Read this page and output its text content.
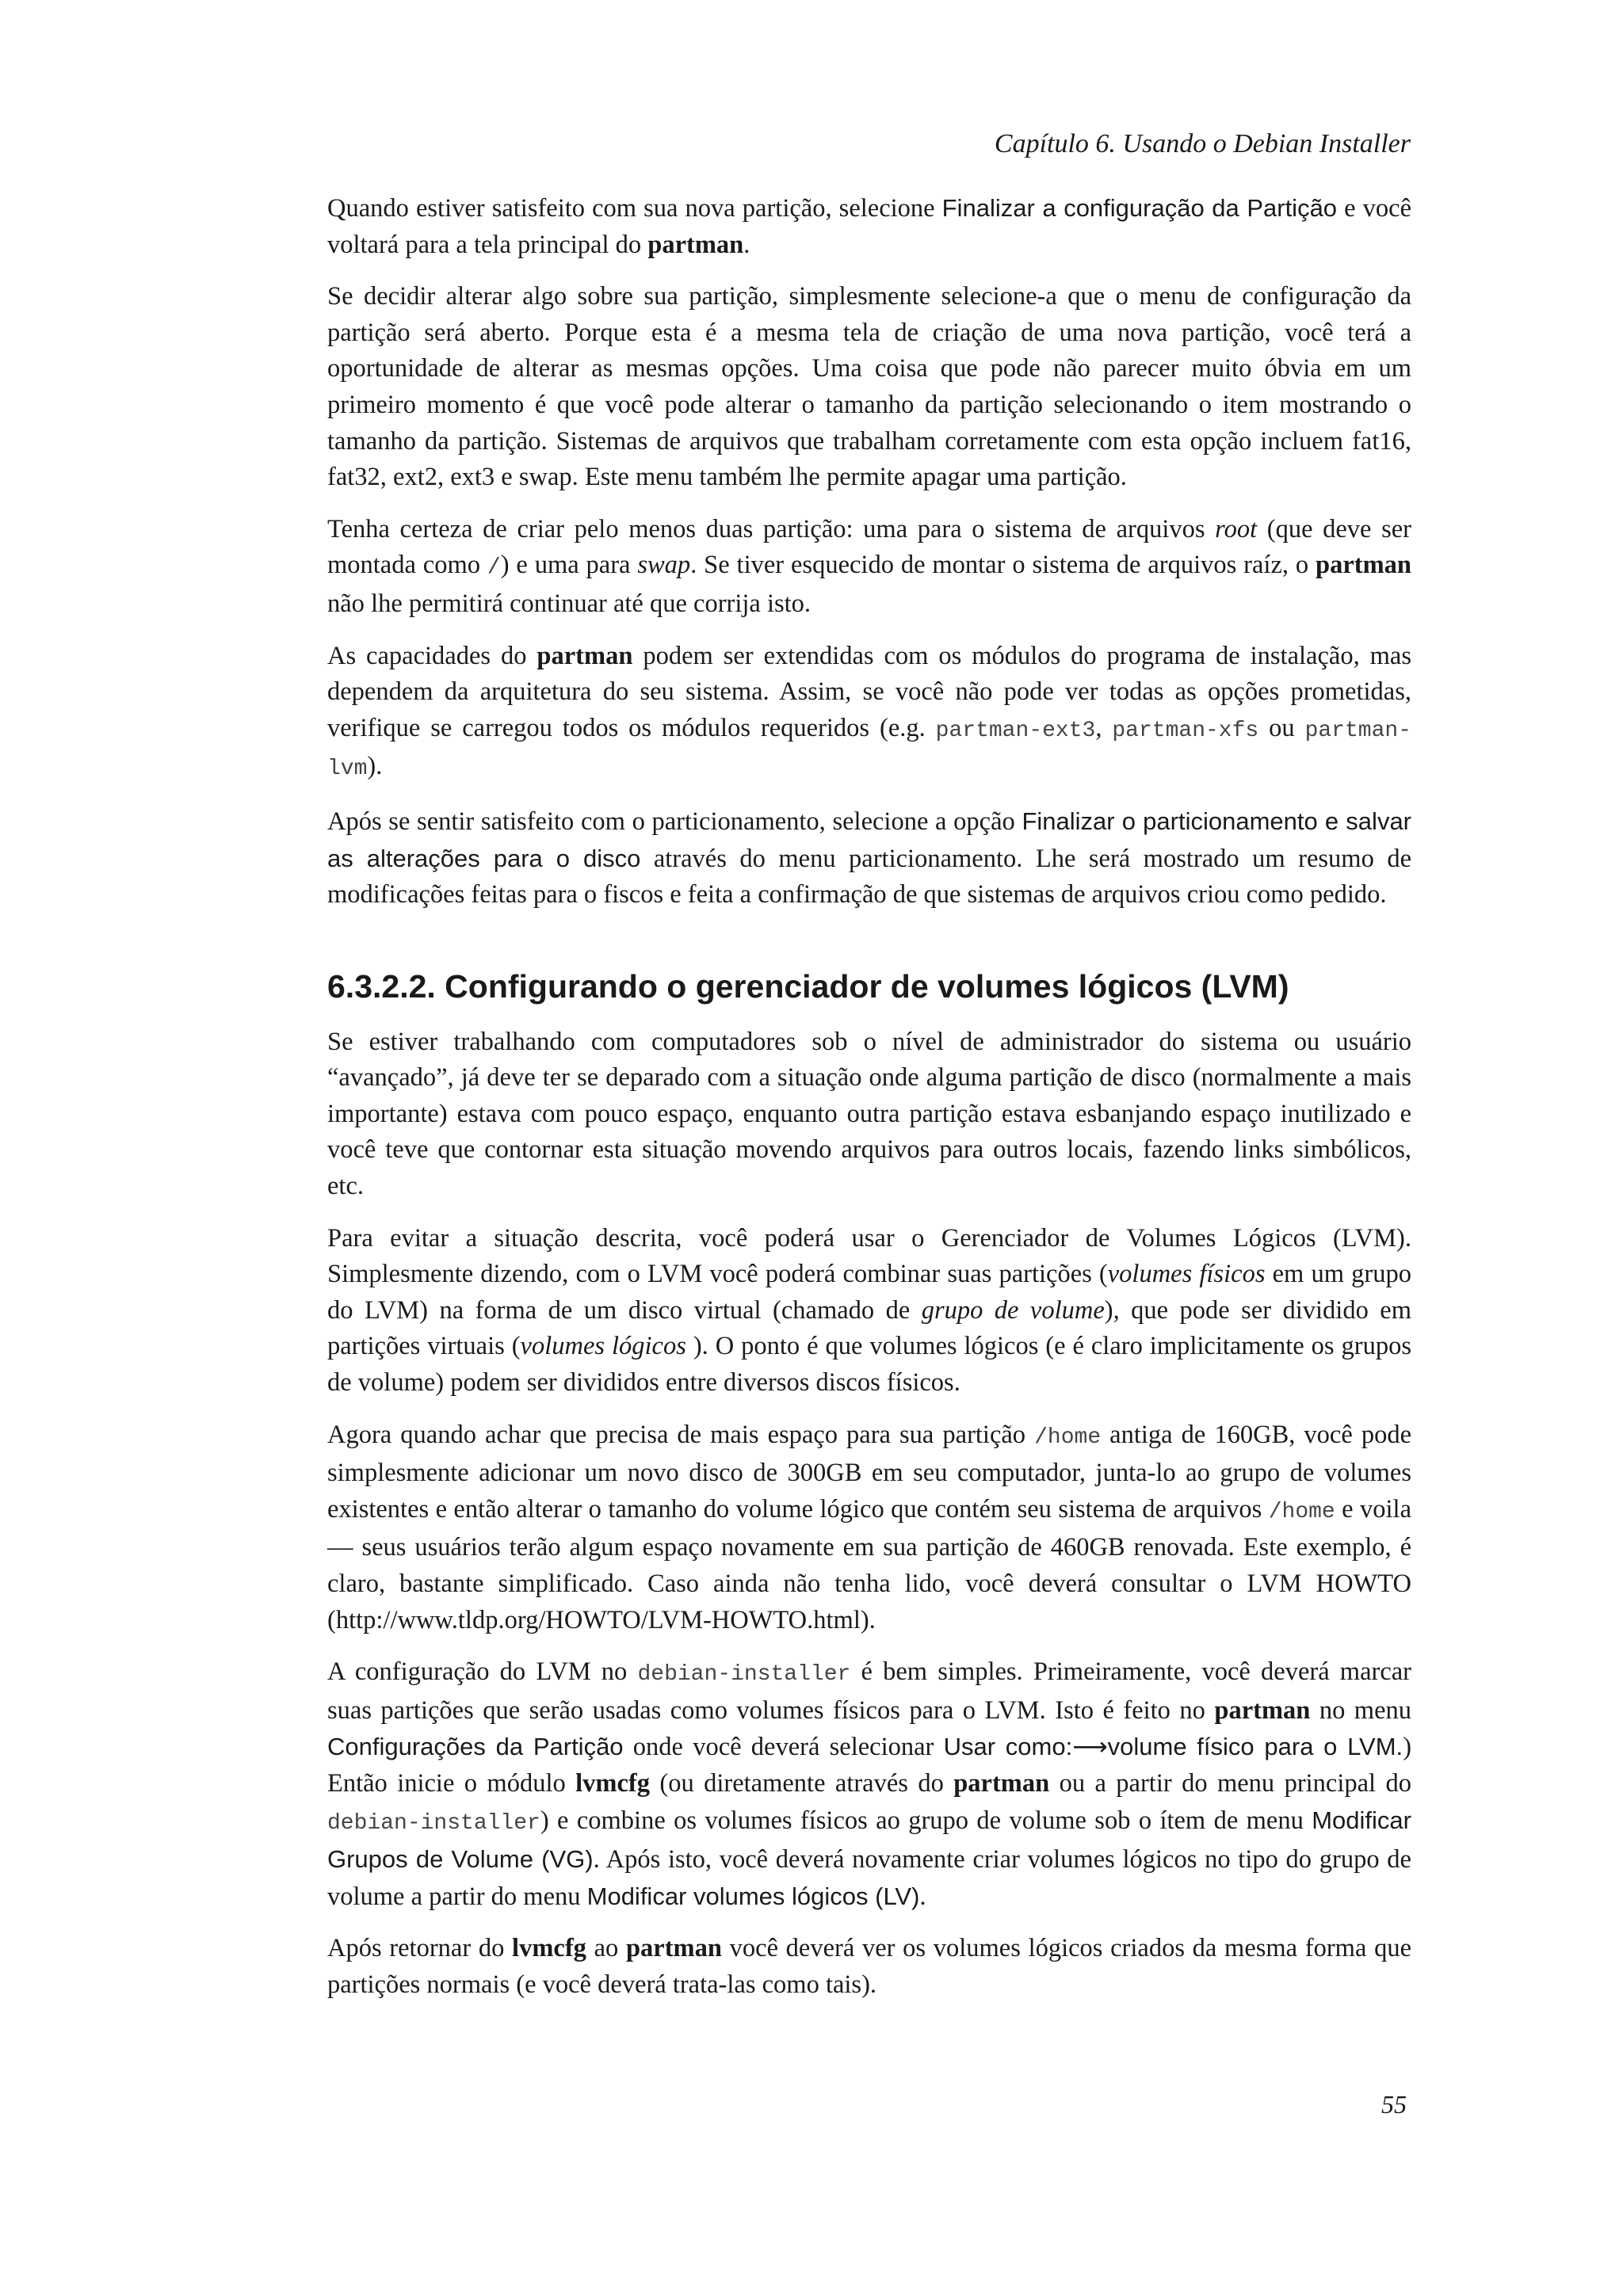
Capítulo 6. Usando o Debian Installer

Quando estiver satisfeito com sua nova partição, selecione Finalizar a configuração da Partição e você voltará para a tela principal do partman.

Se decidir alterar algo sobre sua partição, simplesmente selecione-a que o menu de configuração da partição será aberto. Porque esta é a mesma tela de criação de uma nova partição, você terá a oportunidade de alterar as mesmas opções. Uma coisa que pode não parecer muito óbvia em um primeiro momento é que você pode alterar o tamanho da partição selecionando o item mostrando o tamanho da partição. Sistemas de arquivos que trabalham corretamente com esta opção incluem fat16, fat32, ext2, ext3 e swap. Este menu também lhe permite apagar uma partição.

Tenha certeza de criar pelo menos duas partição: uma para o sistema de arquivos root (que deve ser montada como /) e uma para swap. Se tiver esquecido de montar o sistema de arquivos raíz, o partman não lhe permitirá continuar até que corrija isto.

As capacidades do partman podem ser extendidas com os módulos do programa de instalação, mas dependem da arquitetura do seu sistema. Assim, se você não pode ver todas as opções prometidas, verifique se carregou todos os módulos requeridos (e.g. partman-ext3, partman-xfs ou partman-lvm).

Após se sentir satisfeito com o particionamento, selecione a opção Finalizar o particionamento e salvar as alterações para o disco através do menu particionamento. Lhe será mostrado um resumo de modificações feitas para o fiscos e feita a confirmação de que sistemas de arquivos criou como pedido.

6.3.2.2. Configurando o gerenciador de volumes lógicos (LVM)

Se estiver trabalhando com computadores sob o nível de administrador do sistema ou usuário “avançado”, já deve ter se deparado com a situação onde alguma partição de disco (normalmente a mais importante) estava com pouco espaço, enquanto outra partição estava esbanjando espaço inutilizado e você teve que contornar esta situação movendo arquivos para outros locais, fazendo links simbólicos, etc.

Para evitar a situação descrita, você poderá usar o Gerenciador de Volumes Lógicos (LVM). Simplesmente dizendo, com o LVM você poderá combinar suas partições (volumes físicos em um grupo do LVM) na forma de um disco virtual (chamado de grupo de volume), que pode ser dividido em partições virtuais (volumes lógicos ). O ponto é que volumes lógicos (e é claro implicitamente os grupos de volume) podem ser divididos entre diversos discos físicos.

Agora quando achar que precisa de mais espaço para sua partição /home antiga de 160GB, você pode simplesmente adicionar um novo disco de 300GB em seu computador, junta-lo ao grupo de volumes existentes e então alterar o tamanho do volume lógico que contém seu sistema de arquivos /home e voila — seus usuários terão algum espaço novamente em sua partição de 460GB renovada. Este exemplo, é claro, bastante simplificado. Caso ainda não tenha lido, você deverá consultar o LVM HOWTO (http://www.tldp.org/HOWTO/LVM-HOWTO.html).

A configuração do LVM no debian-installer é bem simples. Primeiramente, você deverá marcar suas partições que serão usadas como volumes físicos para o LVM. Isto é feito no partman no menu Configurações da Partição onde você deverá selecionar Usar como:⟶volume físico para o LVM.) Então inicie o módulo lvmcfg (ou diretamente através do partman ou a partir do menu principal do debian-installer) e combine os volumes físicos ao grupo de volume sob o ítem de menu Modificar Grupos de Volume (VG). Após isto, você deverá novamente criar volumes lógicos no tipo do grupo de volume a partir do menu Modificar volumes lógicos (LV).

Após retornar do lvmcfg ao partman você deverá ver os volumes lógicos criados da mesma forma que partições normais (e você deverá trata-las como tais).

55
